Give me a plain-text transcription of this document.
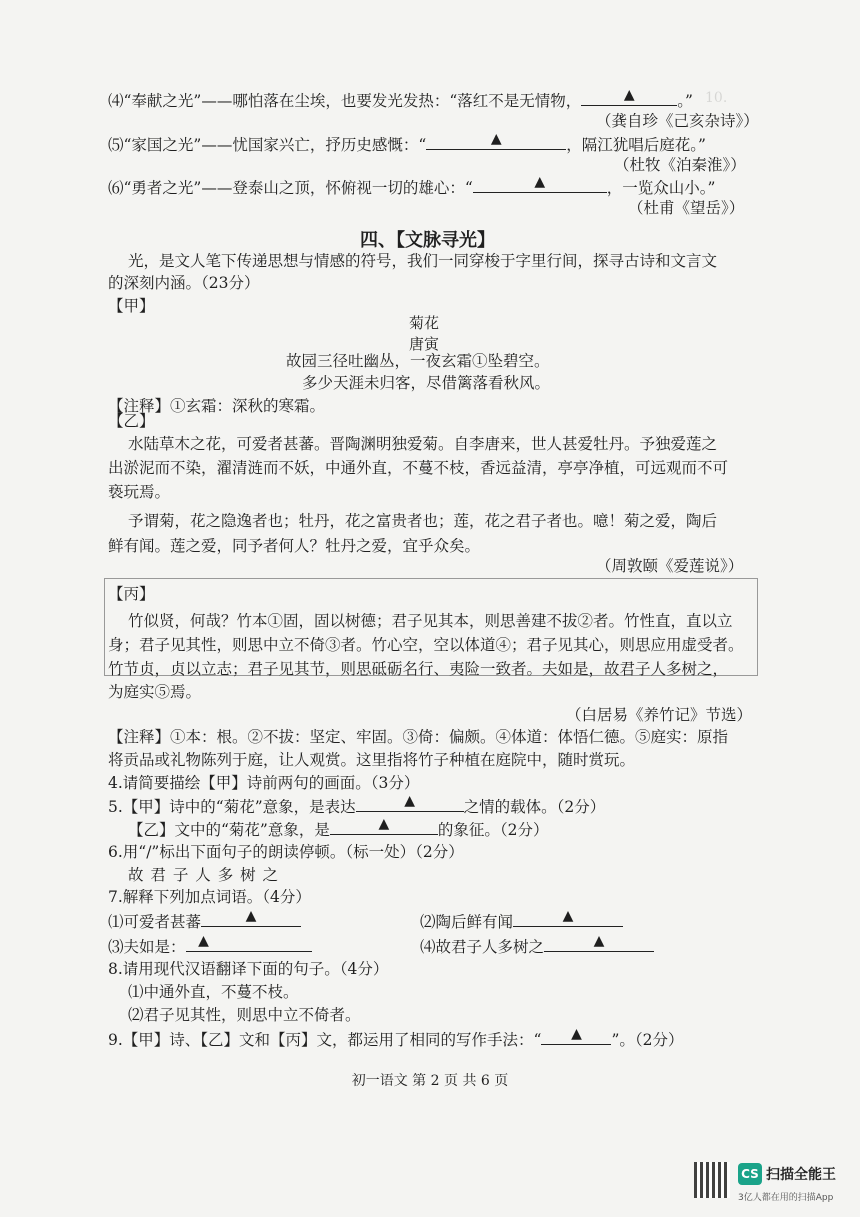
10.
⑷“奉献之光”——哪怕落在尘埃，也要发光发热：“落红不是无情物，	▲	。”
（龚自珍《己亥杂诗》）
⑸“家国之光”——忧国家兴亡，抒历史感慨：“	▲	，隔江犹唱后庭花。”
（杜牧《泊秦淮》）
⑹“勇者之光”——登泰山之顶，怀俯视一切的雄心：“	▲	，一览众山小。”
（杜甫《望岳》）
四、【文脉寻光】
光，是文人笔下传递思想与情感的符号，我们一同穿梭于字里行间，探寻古诗和文言文
的深刻内涵。（23分）
【甲】
菊花
唐寅
故园三径吐幽丛，一夜玄霜①坠碧空。
多少天涯未归客，尽借篱落看秋风。
【注释】①玄霜：深秋的寒霜。
【乙】
水陆草木之花，可爱者甚蕃。晋陶渊明独爱菊。自李唐来，世人甚爱牡丹。予独爱莲之
出淤泥而不染，濯清涟而不妖，中通外直，不蔓不枝，香远益清，亭亭净植，可远观而不可
亵玩焉。
予谓菊，花之隐逸者也；牡丹，花之富贵者也；莲，花之君子者也。噫！菊之爱，陶后
鲜有闻。莲之爱，同予者何人？牡丹之爱，宜乎众矣。
（周敦颐《爱莲说》）
【丙】
竹似贤，何哉？竹本①固，固以树德；君子见其本，则思善建不拔②者。竹性直，直以立
身；君子见其性，则思中立不倚③者。竹心空，空以体道④；君子见其心，则思应用虚受者。
竹节贞，贞以立志；君子见其节，则思砥砺名行、夷险一致者。夫如是，故君子人多树之，
为庭实⑤焉。
（白居易《养竹记》节选）
【注释】①本：根。②不拔：坚定、牢固。③倚：偏颇。④体道：体悟仁德。⑤庭实：原指
将贡品或礼物陈列于庭，让人观赏。这里指将竹子种植在庭院中，随时赏玩。
4.请简要描绘【甲】诗前两句的画面。（3分）
5.【甲】诗中的“菊花”意象，是表达	▲	之情的载体。（2分）
【乙】文中的“菊花”意象，是	▲	的象征。（2分）
6.用“/”标出下面句子的朗读停顿。（标一处）（2分）
故 君 子 人 多 树 之
7.解释下列加点词语。（4分）
⑴可爱者甚蕃	▲	⑵陶后鲜有闻	▲
⑶夫如是： ▲	⑷故君子人多树之	▲
8.请用现代汉语翻译下面的句子。（4分）
⑴中通外直，不蔓不枝。
⑵君子见其性，则思中立不倚者。
9.【甲】诗、【乙】文和【丙】文，都运用了相同的写作手法：“ ▲ ”。（2分）
初一语文 第 2 页 共 6 页
CS 扫描全能王
3亿人都在用的扫描App
